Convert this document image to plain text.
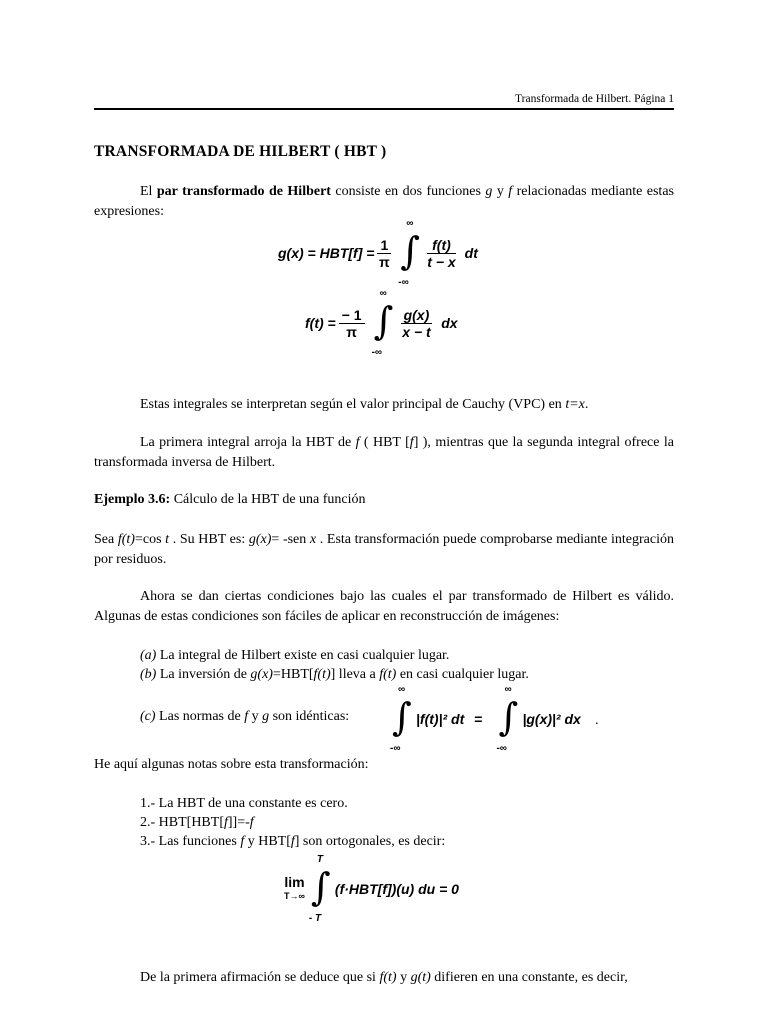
Transformada de Hilbert. Página 1
TRANSFORMADA DE HILBERT ( HBT )
El par transformado de Hilbert consiste en dos funciones g y f relacionadas mediante estas expresiones:
$g(x) = HBT[f] = \frac{1}{\pi}$ ∫
∞
-∞
$\frac{f(t)}{t - x}$ dt
$f(t) = \frac{- 1}{\pi}$ ∫
∞
-∞
$\frac{g(x)}{x - t}$ dx
Estas integrales se interpretan según el valor principal de Cauchy (VPC) en t=x.
La primera integral arroja la HBT de f ( HBT [f] ), mientras que la segunda integral ofrece la transformada inversa de Hilbert.
Ejemplo 3.6: Cálculo de la HBT de una función
Sea f(t)=cos t . Su HBT es: g(x)= -sen x . Esta transformación puede comprobarse mediante integración por residuos.
Ahora se dan ciertas condiciones bajo las cuales el par transformado de Hilbert es válido. Algunas de estas condiciones son fáciles de aplicar en reconstrucción de imágenes:
(a) La integral de Hilbert existe en casi cualquier lugar.
(b) La inversión de g(x)=HBT[f(t)] lleva a f(t) en casi cualquier lugar.
(c) Las normas de f y g son idénticas: ∫
∞
-∞
|f(t)|² dt = ∫
∞
-∞
|g(x)|² dx .
He aquí algunas notas sobre esta transformación:
1.- La HBT de una constante es cero.
2.- HBT[HBT[f]]=-f
3.- Las funciones f y HBT[f] son ortogonales, es decir:
lim
T→∞ ∫
T
- T
(f·HBT[f])(u) du = 0
De la primera afirmación se deduce que si f(t) y g(t) difieren en una constante, es decir,
